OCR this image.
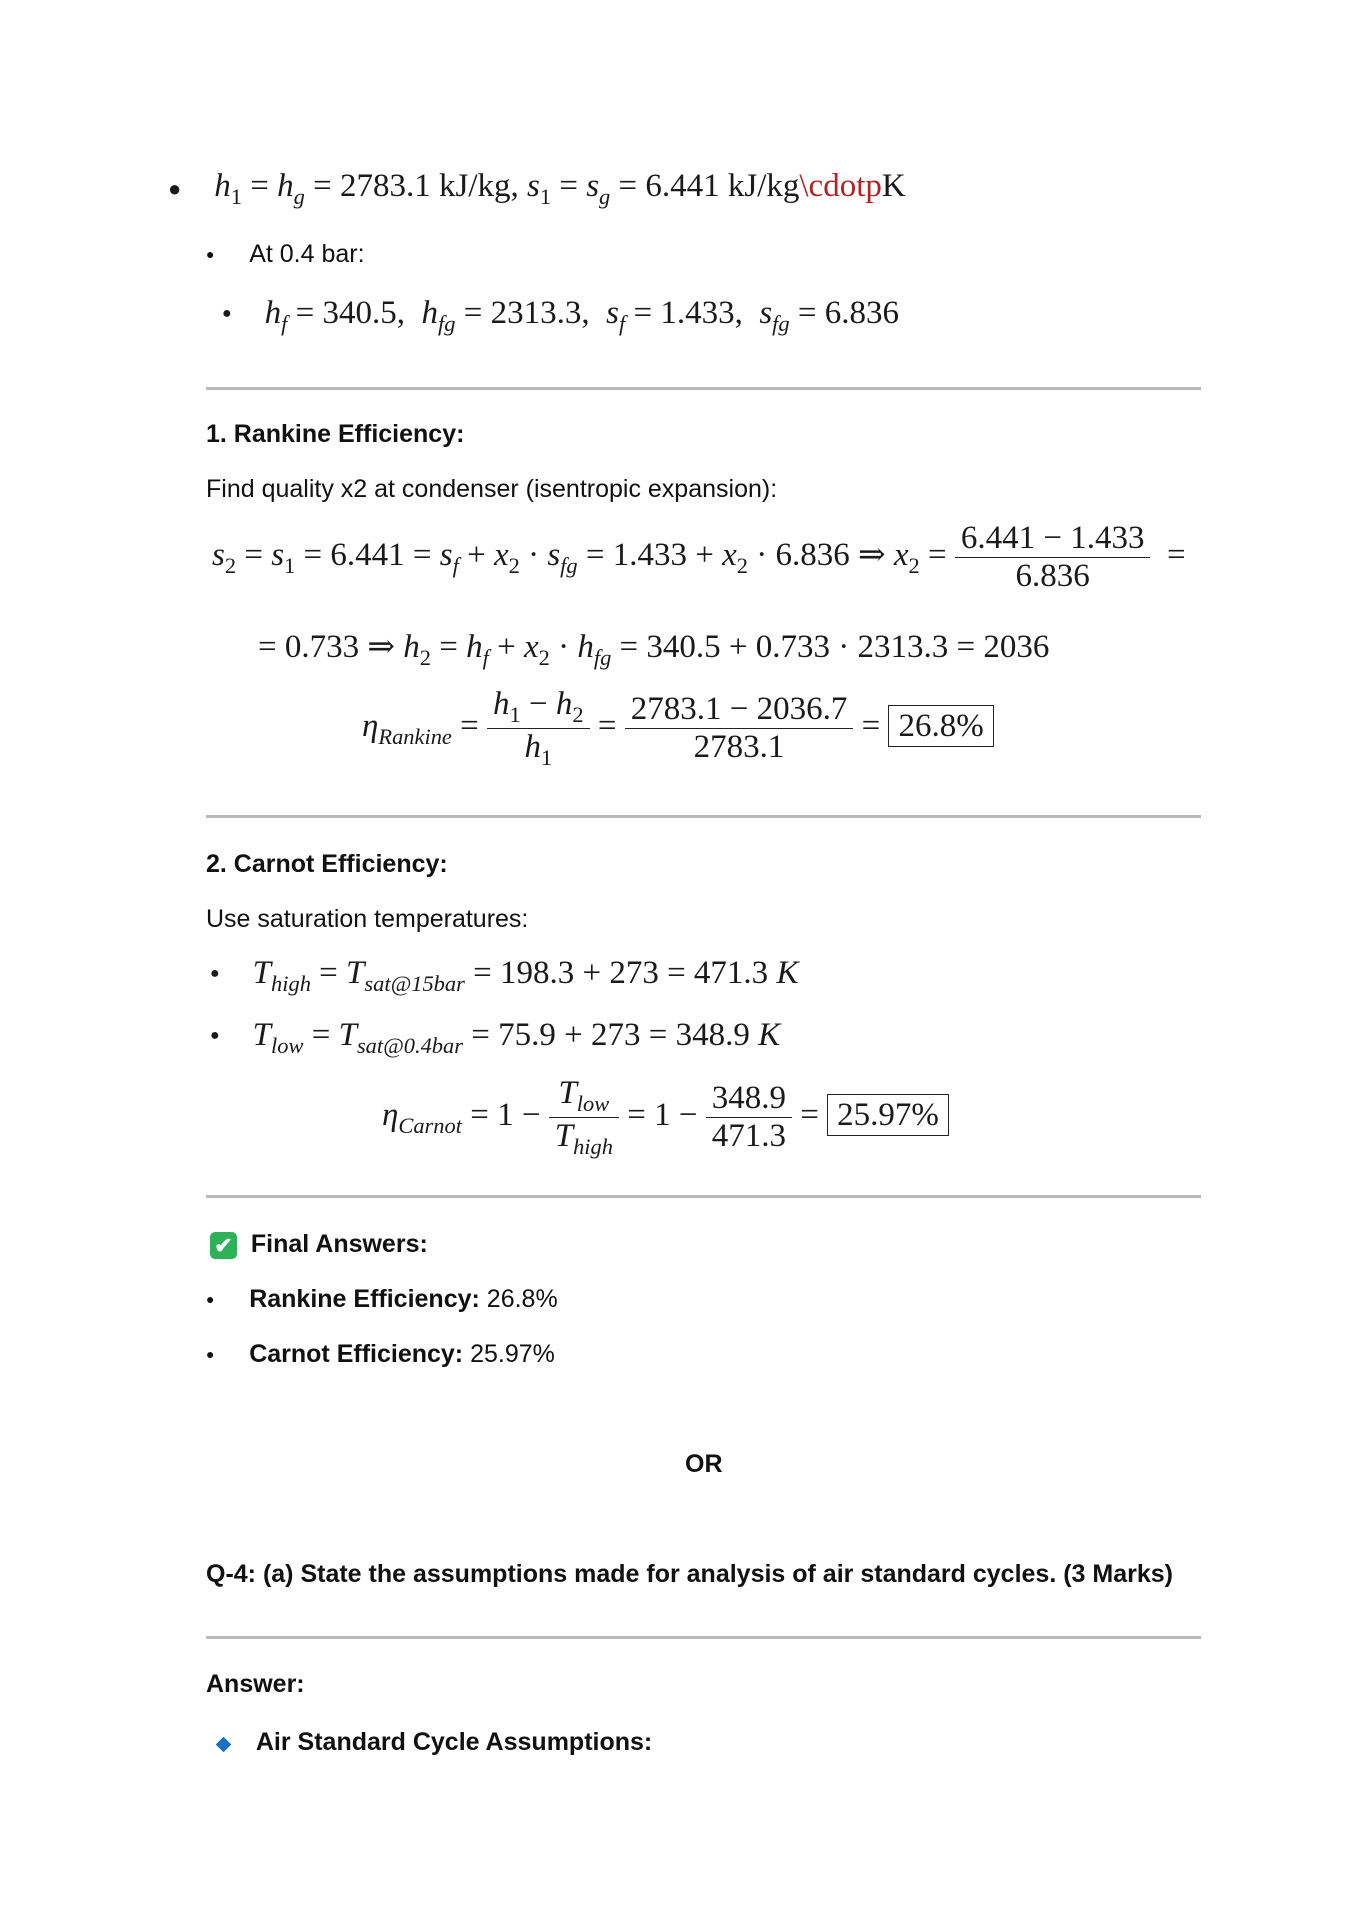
● $h_1 = h_g = 2783.1$ kJ/kg, $s_1 = s_g = 6.441$ kJ/kg\cdotpK
● At 0.4 bar:
● $h_f = 340.5$, $h_{fg} = 2313.3$, $s_f = 1.433$, $s_{fg} = 6.836$
1. Rankine Efficiency:
Find quality x2 at condenser (isentropic expansion):
$s_2 = s_1 = 6.441 = s_f + x_2 \cdot s_{fg} = 1.433 + x_2 \cdot 6.836$ ⇒ $x_2 = \frac{6.441 - 1.433}{6.836}$ =
= 0.733 ⇒ $h_2 = h_f + x_2 \cdot h_{fg} = 340.5 + 0.733 \cdot 2313.3 = 2036$
$\eta_{Rankine} = \frac{h_1 - h_2}{h_1} = \frac{2783.1 - 2036.7}{2783.1} = 26.8\%$
2. Carnot Efficiency:
Use saturation temperatures:
● $T_{high} = T_{sat@15bar} = 198.3 + 273 = 471.3$ K
● $T_{low} = T_{sat@0.4bar} = 75.9 + 273 = 348.9$ K
$\eta_{Carnot} = 1 - \frac{T_{low}}{T_{high}} = 1 - \frac{348.9}{471.3} = 25.97\%$
✔ Final Answers:
● Rankine Efficiency: 26.8%
● Carnot Efficiency: 25.97%
OR
Q-4: (a) State the assumptions made for analysis of air standard cycles. (3 Marks)
Answer:
Air Standard Cycle Assumptions:
